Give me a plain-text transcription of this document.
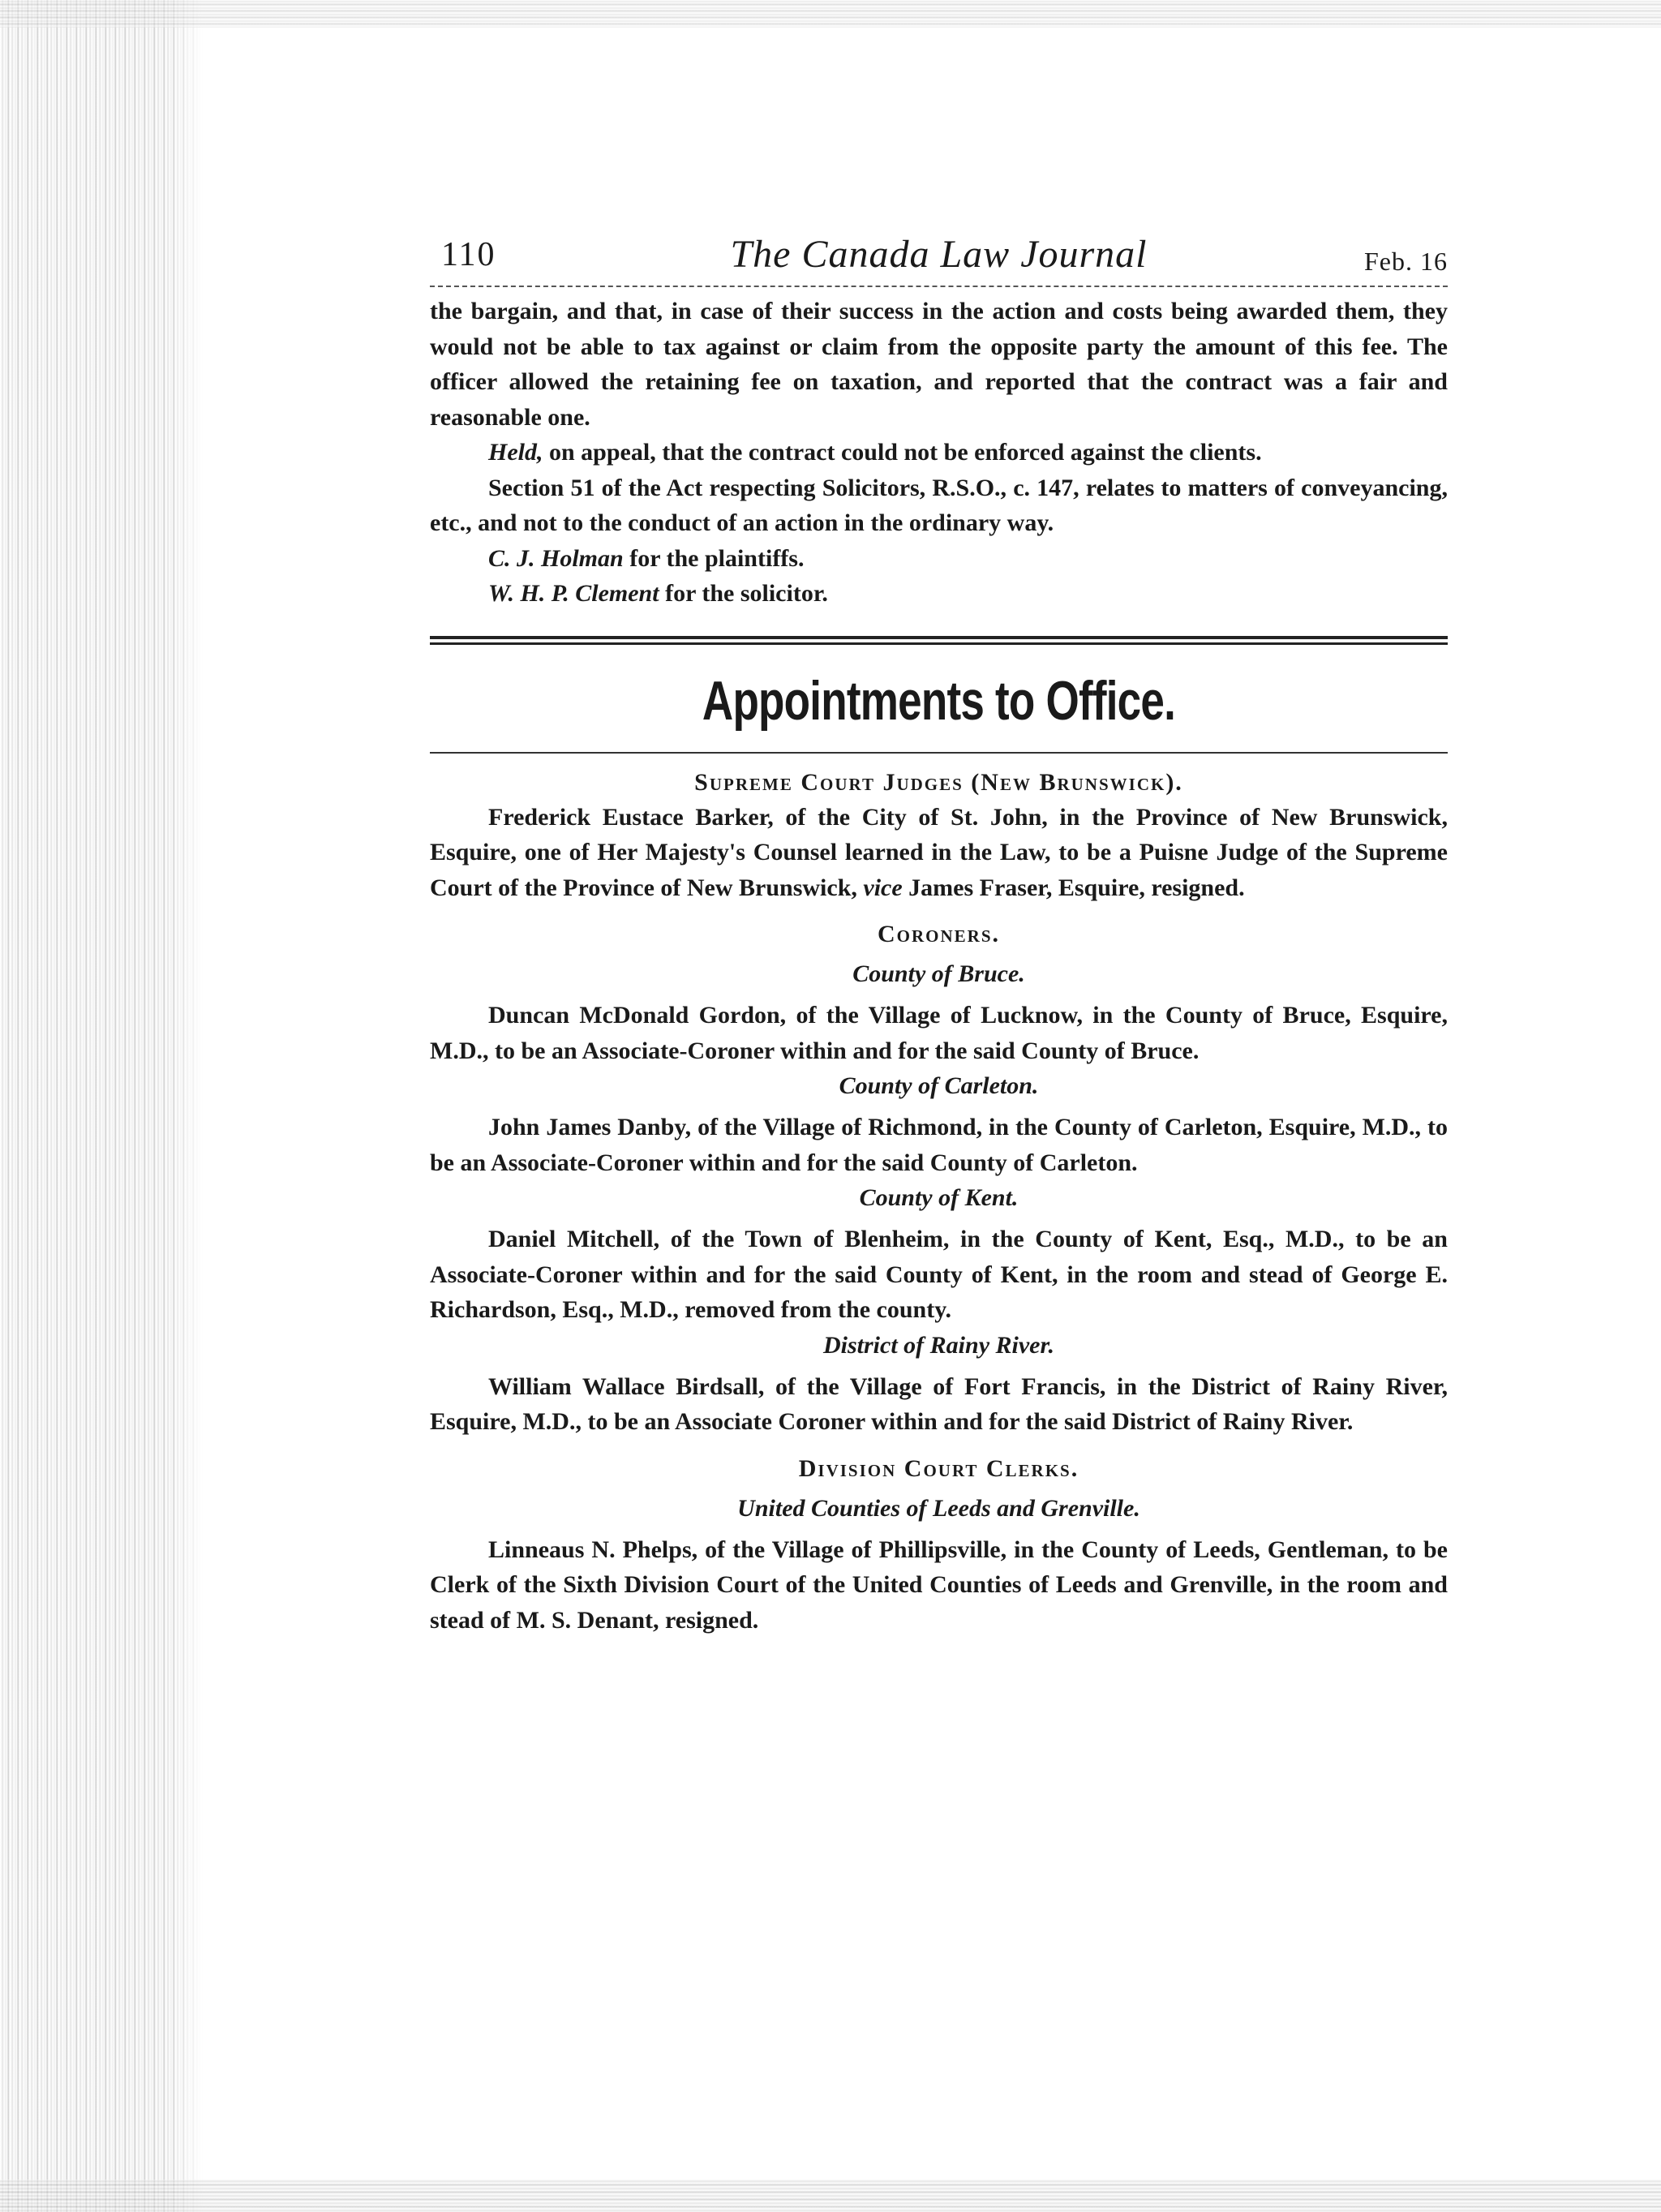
110	The Canada Law Journal	Feb. 16

the bargain, and that, in case of their success in the action and costs being awarded them, they would not be able to tax against or claim from the opposite party the amount of this fee. The officer allowed the retaining fee on taxation, and reported that the contract was a fair and reasonable one.

Held, on appeal, that the contract could not be enforced against the clients.

Section 51 of the Act respecting Solicitors, R.S.O., c. 147, relates to matters of conveyancing, etc., and not to the conduct of an action in the ordinary way.

C. J. Holman for the plaintiffs.

W. H. P. Clement for the solicitor.

Appointments to Office.
Supreme Court Judges (New Brunswick).

Frederick Eustace Barker, of the City of St. John, in the Province of New Brunswick, Esquire, one of Her Majesty's Counsel learned in the Law, to be a Puisne Judge of the Supreme Court of the Province of New Brunswick, vice James Fraser, Esquire, resigned.

Coroners.
County of Bruce.

Duncan McDonald Gordon, of the Village of Lucknow, in the County of Bruce, Esquire, M.D., to be an Associate-Coroner within and for the said County of Bruce.

County of Carleton.

John James Danby, of the Village of Richmond, in the County of Carleton, Esquire, M.D., to be an Associate-Coroner within and for the said County of Carleton.

County of Kent.

Daniel Mitchell, of the Town of Blenheim, in the County of Kent, Esq., M.D., to be an Associate-Coroner within and for the said County of Kent, in the room and stead of George E. Richardson, Esq., M.D., removed from the county.

District of Rainy River.

William Wallace Birdsall, of the Village of Fort Francis, in the District of Rainy River, Esquire, M.D., to be an Associate Coroner within and for the said District of Rainy River.

Division Court Clerks.
United Counties of Leeds and Grenville.

Linneaus N. Phelps, of the Village of Phillipsville, in the County of Leeds, Gentleman, to be Clerk of the Sixth Division Court of the United Counties of Leeds and Grenville, in the room and stead of M. S. Denant, resigned.
